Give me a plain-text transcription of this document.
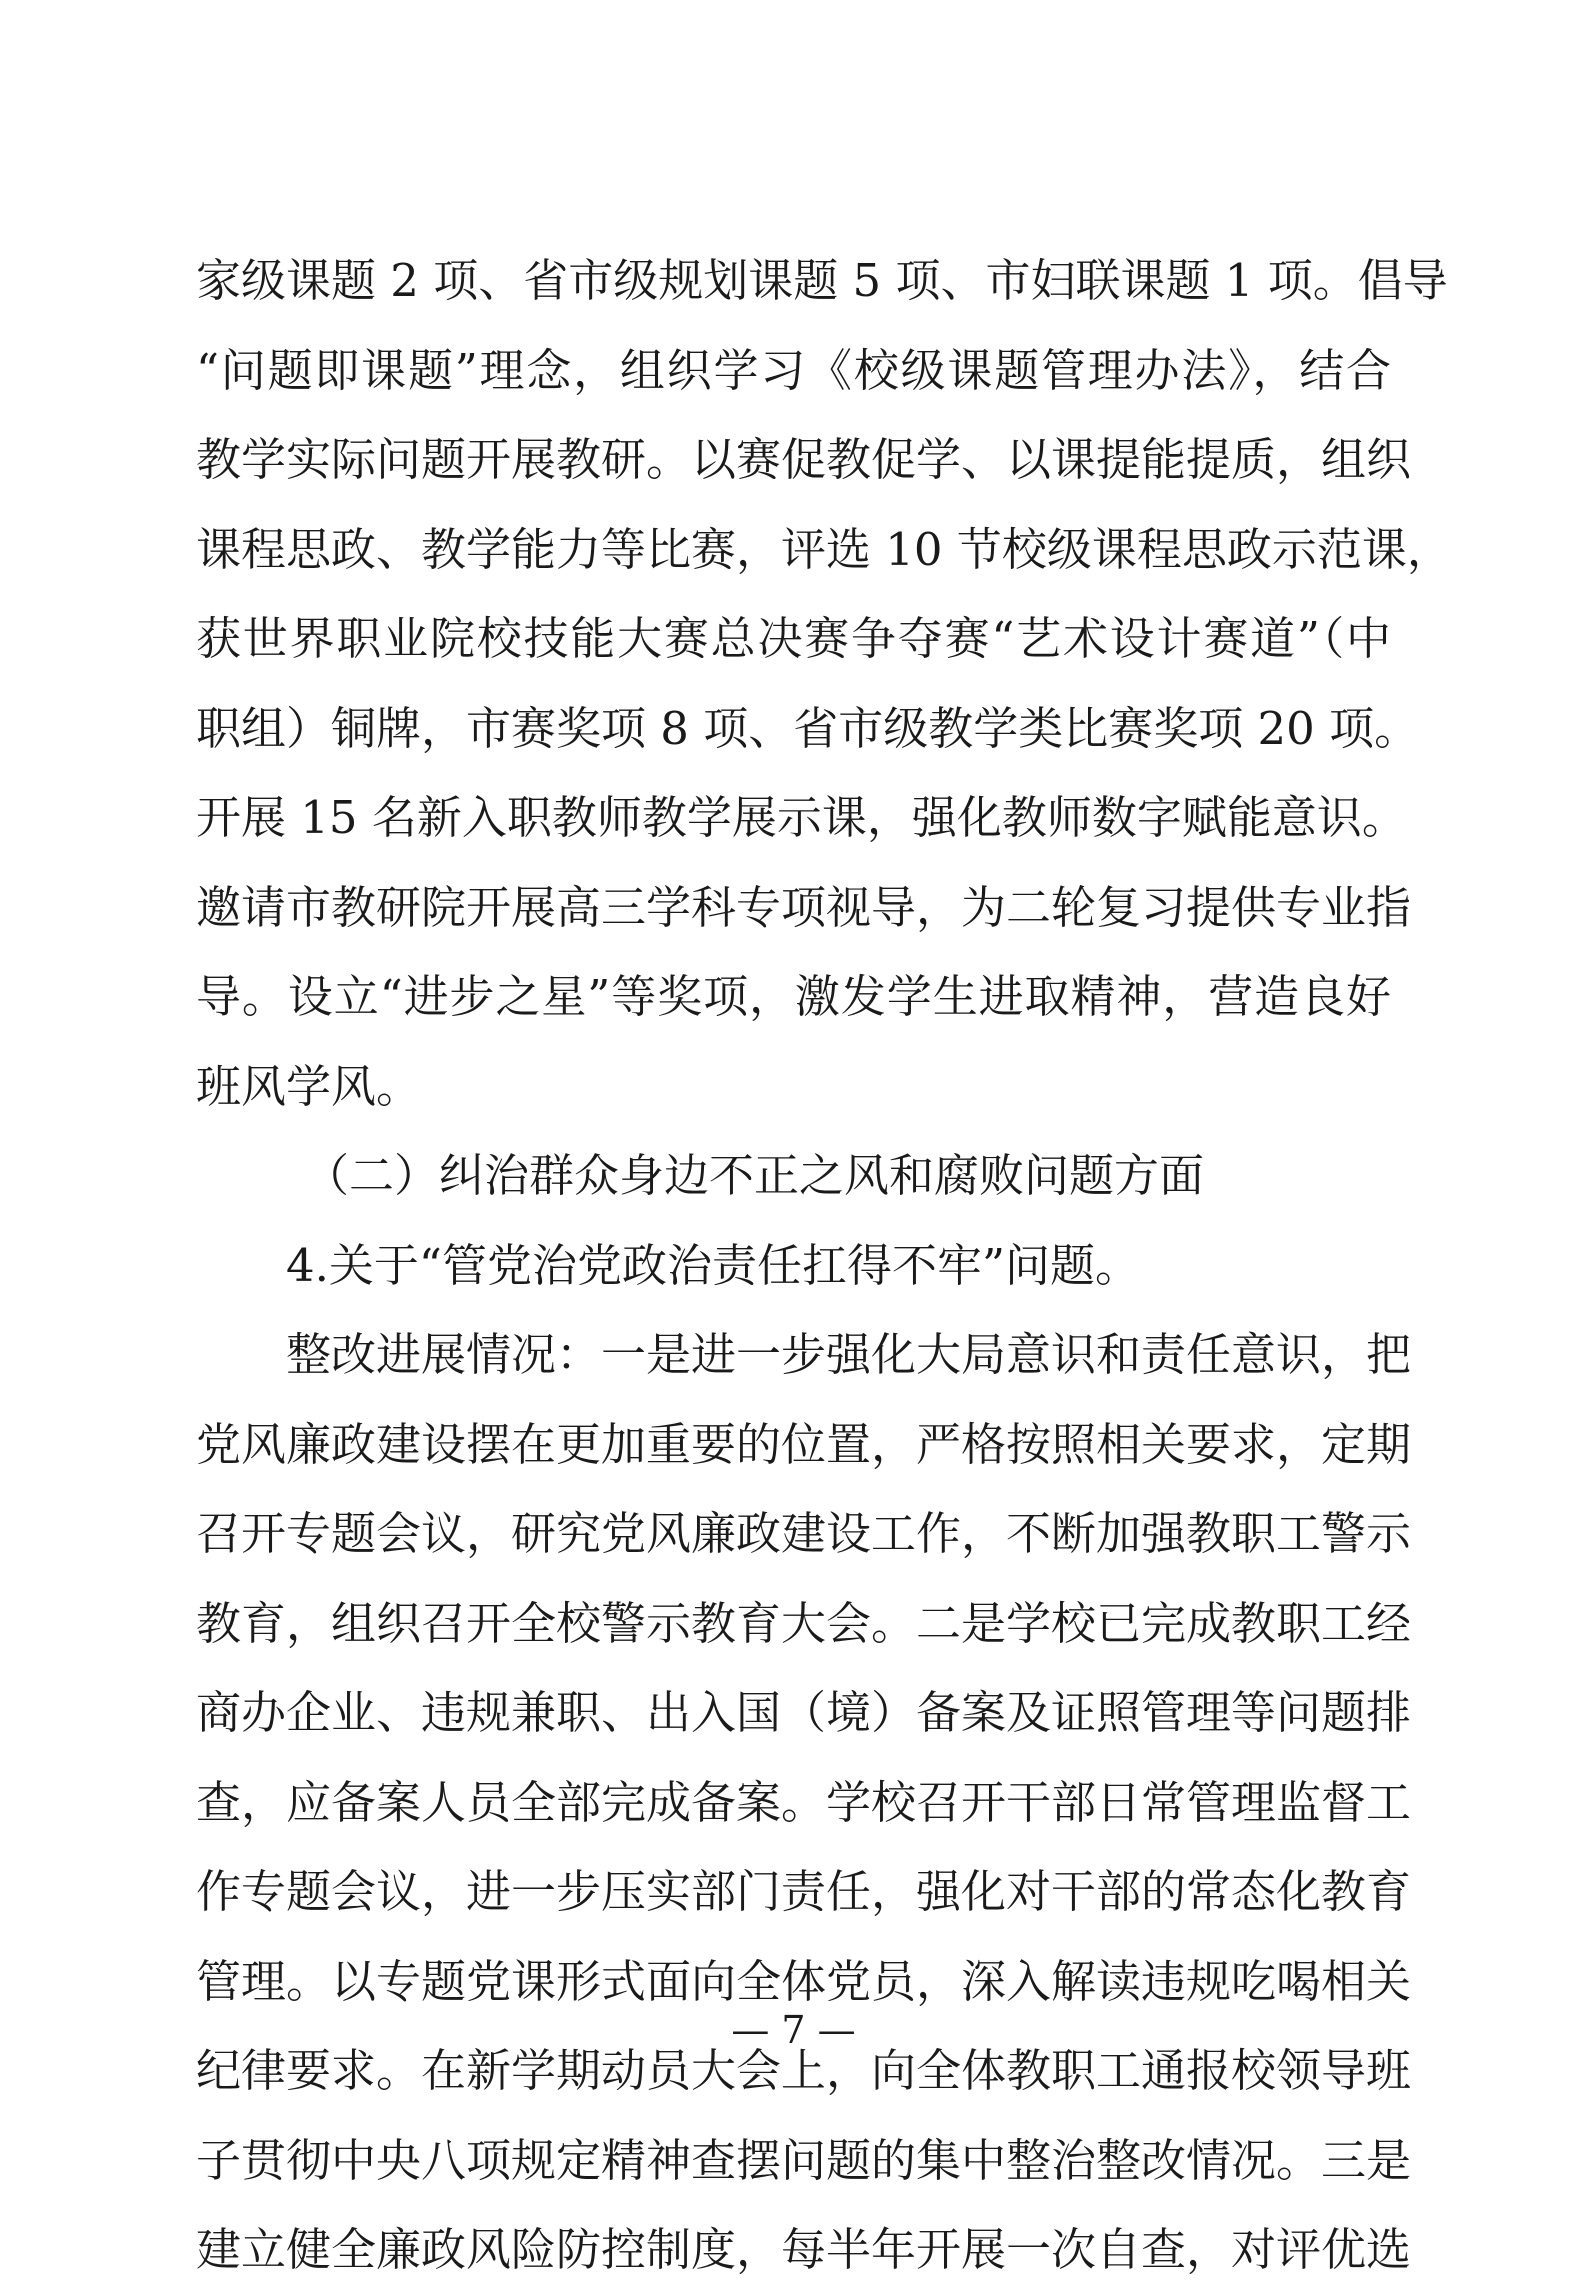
家级课题 2 项、省市级规划课题 5 项、市妇联课题 1 项。倡导
“问题即课题”理念，组织学习《校级课题管理办法》，结合
教学实际问题开展教研。以赛促教促学、以课提能提质，组织
课程思政、教学能力等比赛，评选 10 节校级课程思政示范课，
获世界职业院校技能大赛总决赛争夺赛“艺术设计赛道”（中
职组）铜牌，市赛奖项 8 项、省市级教学类比赛奖项 20 项。
开展 15 名新入职教师教学展示课，强化教师数字赋能意识。
邀请市教研院开展高三学科专项视导，为二轮复习提供专业指
导。设立“进步之星”等奖项，激发学生进取精神，营造良好
班风学风。
（二）纠治群众身边不正之风和腐败问题方面
4.关于“管党治党政治责任扛得不牢”问题。
整改进展情况：一是进一步强化大局意识和责任意识，把
党风廉政建设摆在更加重要的位置，严格按照相关要求，定期
召开专题会议，研究党风廉政建设工作，不断加强教职工警示
教育，组织召开全校警示教育大会。二是学校已完成教职工经
商办企业、违规兼职、出入国（境）备案及证照管理等问题排
查，应备案人员全部完成备案。学校召开干部日常管理监督工
作专题会议，进一步压实部门责任，强化对干部的常态化教育
管理。以专题党课形式面向全体党员，深入解读违规吃喝相关
纪律要求。在新学期动员大会上，向全体教职工通报校领导班
子贯彻中央八项规定精神查摆问题的集中整治整改情况。三是
建立健全廉政风险防控制度，每半年开展一次自查，对评优选
— 7 —
